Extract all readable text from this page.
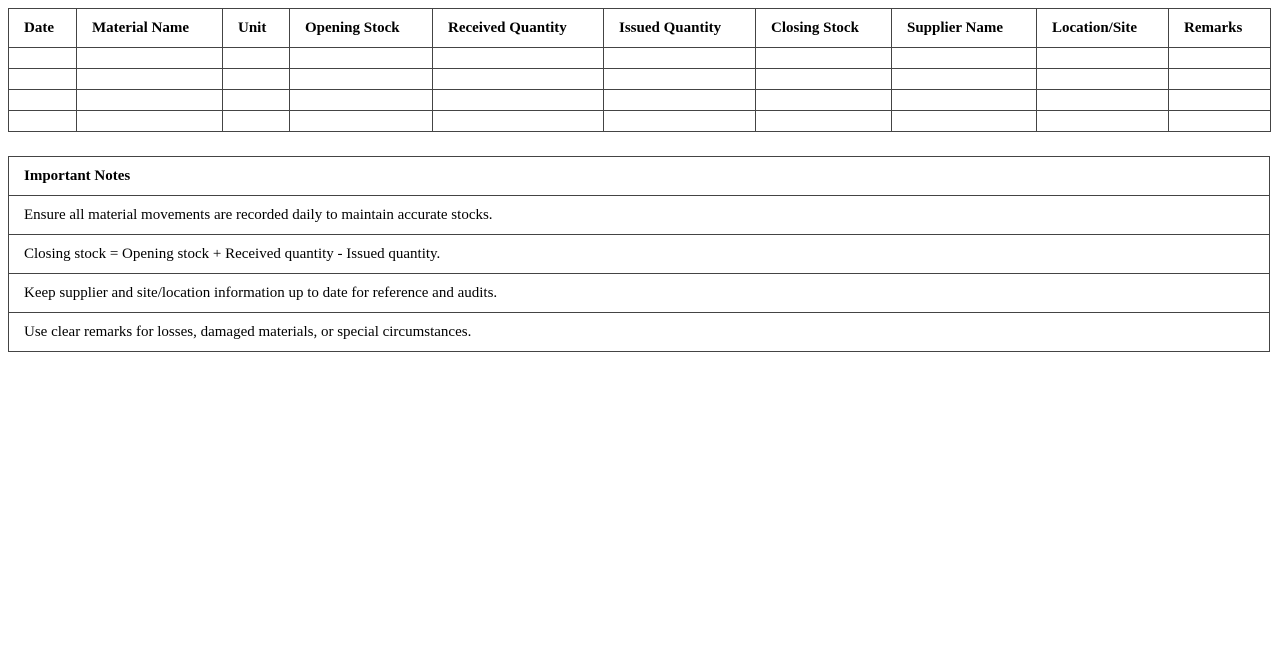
Date	Material Name	Unit	Opening Stock	Received Quantity	Issued Quantity	Closing Stock	Supplier Name	Location/Site	Remarks

Important Notes
Ensure all material movements are recorded daily to maintain accurate stocks.
Closing stock = Opening stock + Received quantity - Issued quantity.
Keep supplier and site/location information up to date for reference and audits.
Use clear remarks for losses, damaged materials, or special circumstances.
